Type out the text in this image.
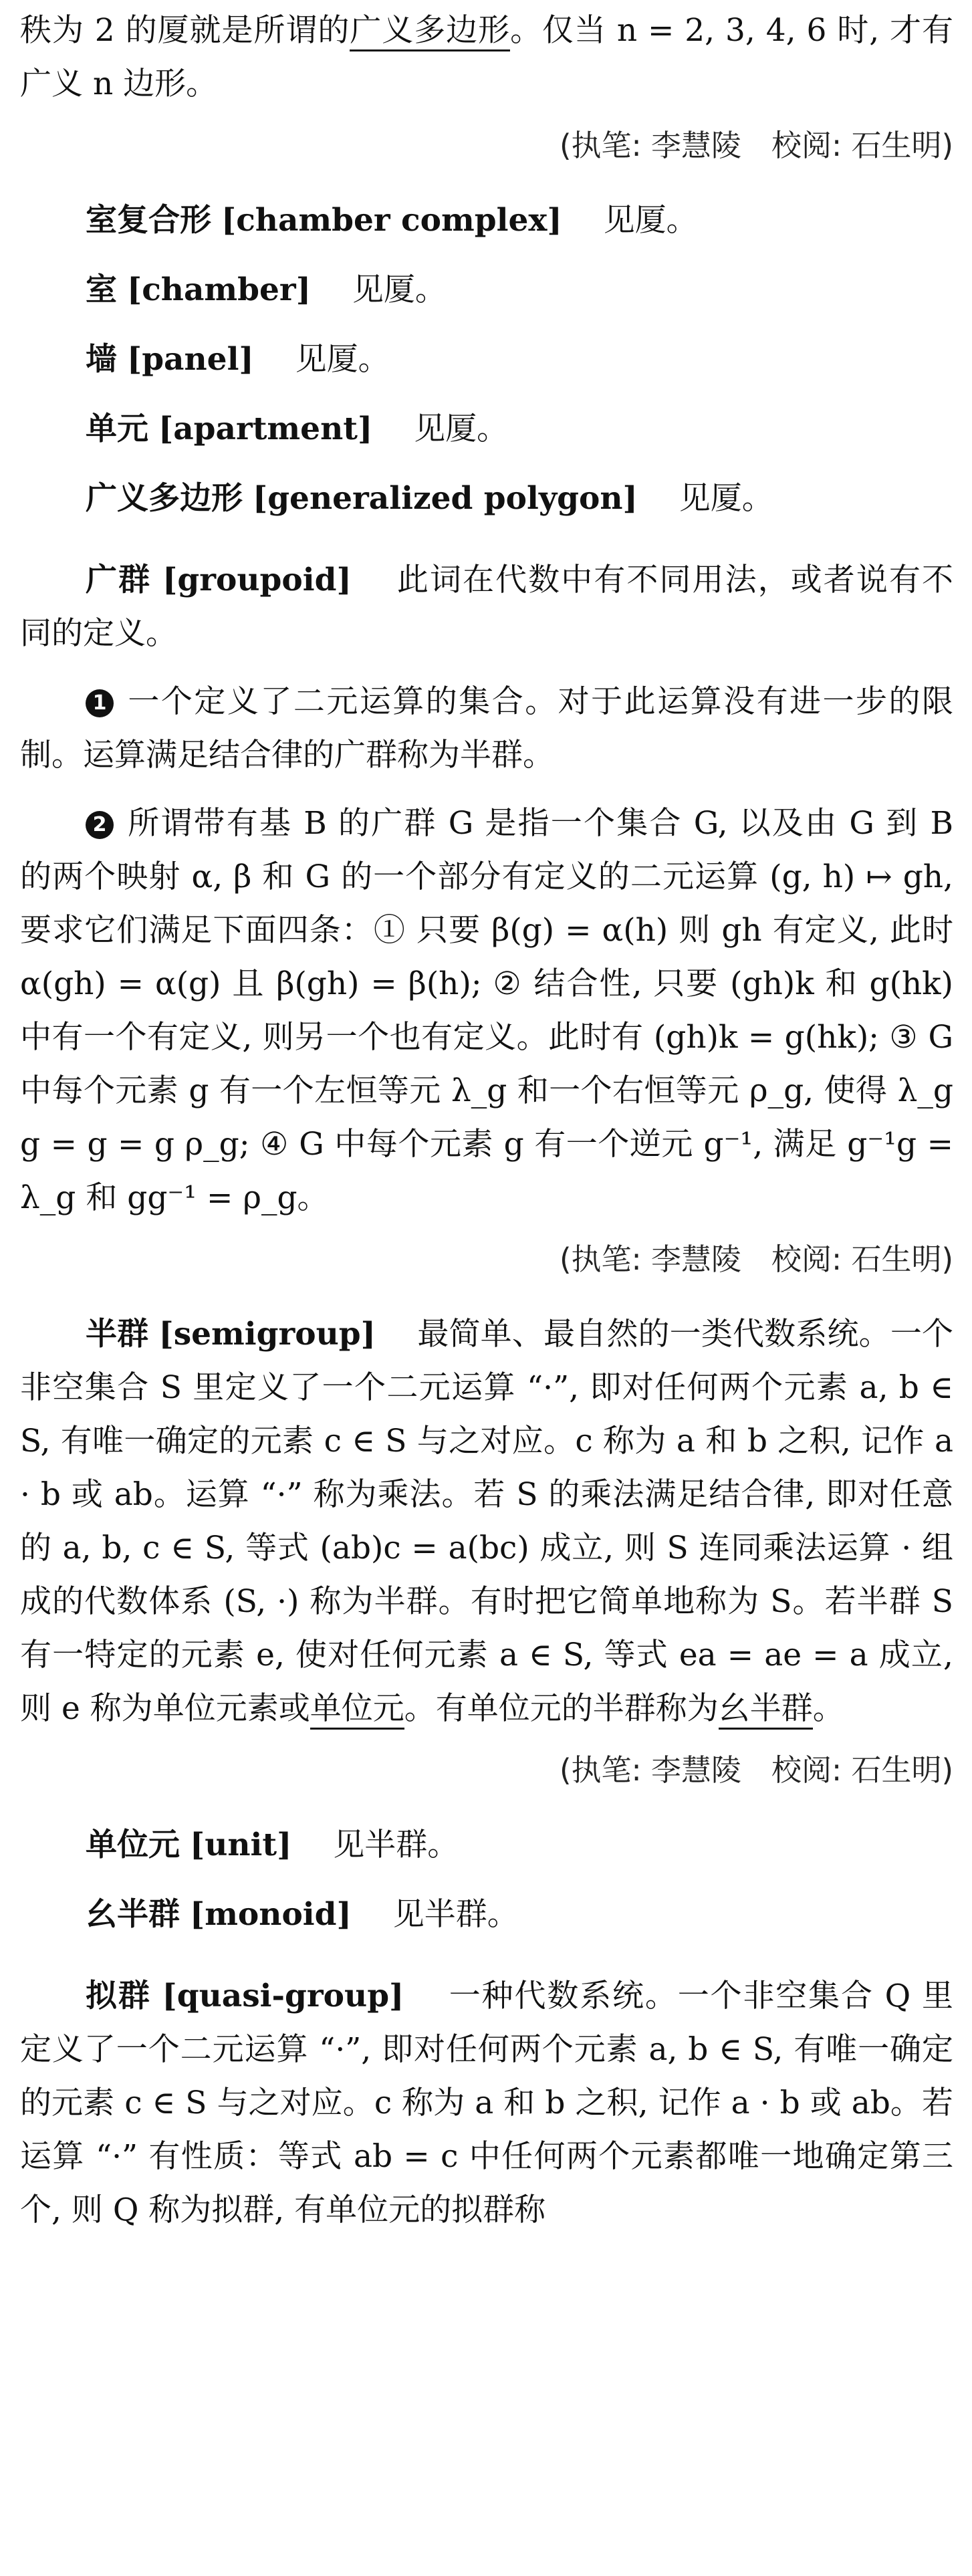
秩为 2 的厦就是所谓的广义多边形。仅当 n = 2, 3, 4, 6 时, 才有广义 n 边形。

(执笔: 李慧陵　校阅: 石生明)

室复合形 [chamber complex]　 见厦。

室 [chamber]　 见厦。

墙 [panel]　 见厦。

单元 [apartment]　 见厦。

广义多边形 [generalized polygon]　 见厦。

广群 [groupoid]　 此词在代数中有不同用法，或者说有不同的定义。

1 一个定义了二元运算的集合。对于此运算没有进一步的限制。运算满足结合律的广群称为半群。

2 所谓带有基 B 的广群 G 是指一个集合 G, 以及由 G 到 B 的两个映射 α, β 和 G 的一个部分有定义的二元运算 (g, h) ↦ gh, 要求它们满足下面四条：① 只要 β(g) = α(h) 则 gh 有定义, 此时 α(gh) = α(g) 且 β(gh) = β(h); ② 结合性, 只要 (gh)k 和 g(hk) 中有一个有定义, 则另一个也有定义。此时有 (gh)k = g(hk); ③ G 中每个元素 g 有一个左恒等元 λ_g 和一个右恒等元 ρ_g, 使得 λ_g g = g = g ρ_g; ④ G 中每个元素 g 有一个逆元 g⁻¹, 满足 g⁻¹g = λ_g 和 gg⁻¹ = ρ_g。

(执笔: 李慧陵　校阅: 石生明)

半群 [semigroup]　 最简单、最自然的一类代数系统。一个非空集合 S 里定义了一个二元运算 “·”, 即对任何两个元素 a, b ∈ S, 有唯一确定的元素 c ∈ S 与之对应。c 称为 a 和 b 之积, 记作 a · b 或 ab。运算 “·” 称为乘法。若 S 的乘法满足结合律, 即对任意的 a, b, c ∈ S, 等式 (ab)c = a(bc) 成立, 则 S 连同乘法运算 · 组成的代数体系 (S, ·) 称为半群。有时把它简单地称为 S。若半群 S 有一特定的元素 e, 使对任何元素 a ∈ S, 等式 ea = ae = a 成立, 则 e 称为单位元素或单位元。有单位元的半群称为幺半群。

(执笔: 李慧陵　校阅: 石生明)

单位元 [unit]　 见半群。

幺半群 [monoid]　 见半群。

拟群 [quasi-group]　 一种代数系统。一个非空集合 Q 里定义了一个二元运算 “·”, 即对任何两个元素 a, b ∈ S, 有唯一确定的元素 c ∈ S 与之对应。c 称为 a 和 b 之积, 记作 a · b 或 ab。若运算 “·” 有性质：等式 ab = c 中任何两个元素都唯一地确定第三个, 则 Q 称为拟群, 有单位元的拟群称
